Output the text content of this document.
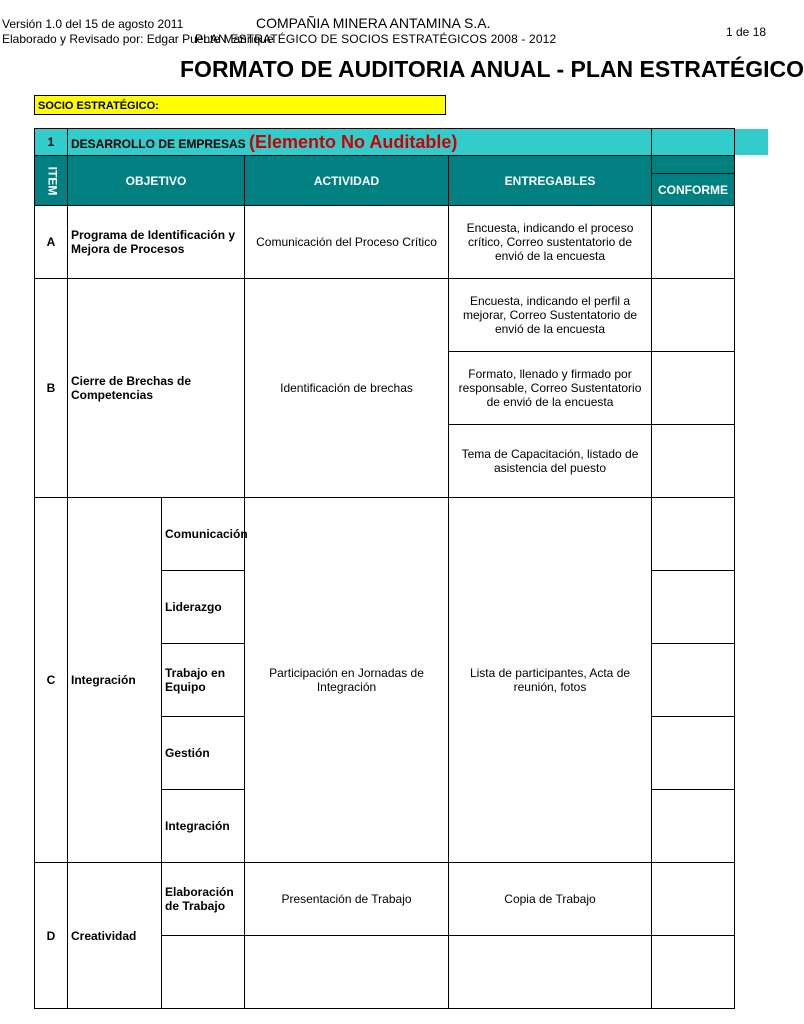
Versión 1.0 del 15 de agosto 2011
Elaborado y Revisado por: Edgar Puente Manrique
COMPAÑIA MINERA ANTAMINA S.A.
PLAN ESTRATÉGICO DE SOCIOS ESTRATÉGICOS 2008 - 2012	1 de 18
FORMATO DE AUDITORIA ANUAL - PLAN ESTRATÉGICO
SOCIO ESTRATÉGICO:
1	DESARROLLO DE EMPRESAS (Elemento No Auditable)				
ITEM	OBJETIVO		ACTIVIDAD	ENTREGABLES	
					CONFORME
A	Programa de Identificación y Mejora de Procesos		Comunicación del Proceso Crítico	Encuesta, indicando el proceso crítico, Correo sustentatorio de envió de la encuesta	
B	Cierre de Brechas de Competencias		Identificación de brechas	Encuesta, indicando el perfil a mejorar, Correo Sustentatorio de envió de la encuesta	
				Formato, llenado y firmado por responsable, Correo Sustentatorio de envió de la encuesta	
				Tema de Capacitación, listado de asistencia del puesto	
C	Integración	Comunicación	Participación en Jornadas de Integración	Lista de participantes, Acta de reunión, fotos	
		Liderazgo			
		Trabajo en Equipo			
		Gestión			
		Integración			
D	Creatividad	Elaboración de Trabajo	Presentación de Trabajo	Copia de Trabajo	
